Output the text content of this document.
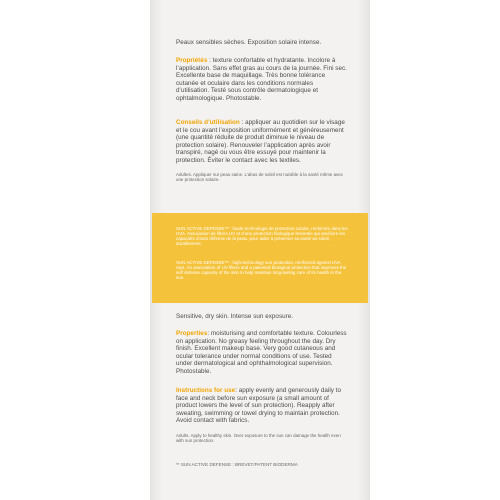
Peaux sensibles sèches. Exposition solaire intense.
Propriétés : texture confortable et hydratante. Incolore à l’application. Sans effet gras au cours de la journée. Fini sec. Excellente base de maquillage. Très bonne tolérance cutanée et oculaire dans les conditions normales d’utilisation. Testé sous contrôle dermatologique et ophtalmologique. Photostable.
Conseils d’utilisation : appliquer au quotidien sur le visage et le cou avant l’exposition uniformément et généreusement (une quantité réduite de produit diminue le niveau de protection solaire). Renouveler l’application après avoir transpiré, nagé ou vous être essuyé pour maintenir la protection. Éviter le contact avec les textiles.
Adultes. Appliquer sur peau saine. L’abus de soleil est nuisible à la santé même avec une protection solaire.
SUN ACTIVE DEFENSE™ : haute technologie de protection solaire, renforcée dans les UVA. Association de filtres UV et d’une protection biologique brevetée qui améliore les capacités d’auto défense de la peau, pour aider à préserver sa santé au soleil, durablement.
SUN ACTIVE DEFENSE™ : high-technology sun protection, reinforced against UVA rays. An association of UV filters and a patented biological protection that improves the self defense capacity of the skin to help maintain long-lasting care of its health in the sun.
Sensitive, dry skin. Intense sun exposure.
Properties: moisturising and comfortable texture. Colourless on application. No greasy feeling throughout the day. Dry finish. Excellent makeup base. Very good cutaneous and ocular tolerance under normal conditions of use. Tested under dermatological and ophthalmological supervision. Photostable.
Instructions for use: apply evenly and generously daily to face and neck before sun exposure (a small amount of product lowers the level of sun protection). Reapply after sweating, swimming or towel drying to maintain protection. Avoid contact with fabrics.
Adults. Apply to healthy skin. Over exposure to the sun can damage the health even with sun protection.
** SUN ACTIVE DEFENSE : BREVET/PATENT BIODERMA
